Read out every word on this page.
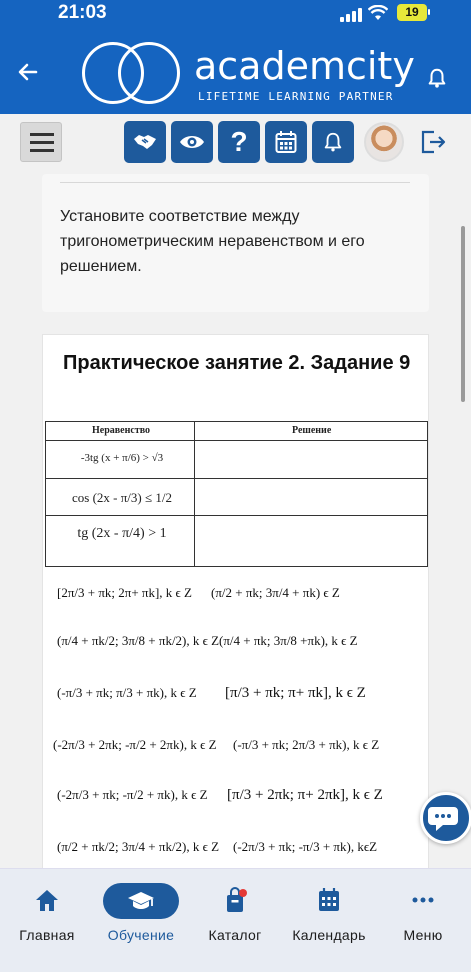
21:03	19
academcity
LIFETIME LEARNING PARTNER
?

Установите соответствие между тригонометрическим неравенством и его решением.

Практическое занятие 2. Задание 9
Неравенство	Решение
-3tg (x + π/6) > √3
cos (2x - π/3) ≤ 1/2
tg (2x - π/4) > 1
[2π/3 + πk; 2π+ πk], k ϵ Z (π/2 + πk; 3π/4 + πk) ϵ Z
(π/4 + πk/2; 3π/8 + πk/2), k ϵ Z (π/4 + πk; 3π/8 +πk), k ϵ Z
(-π/3 + πk; π/3 + πk), k ϵ Z [π/3 + πk; π+ πk], k ϵ Z
(-2π/3 + 2πk; -π/2 + 2πk), k ϵ Z (-π/3 + πk; 2π/3 + πk), k ϵ Z
(-2π/3 + πk; -π/2 + πk), k ϵ Z [π/3 + 2πk; π+ 2πk], k ϵ Z
(π/2 + πk/2; 3π/4 + πk/2), k ϵ Z (-2π/3 + πk; -π/3 + πk), kϵZ
Главная	Обучение	Каталог	Календарь	Меню
